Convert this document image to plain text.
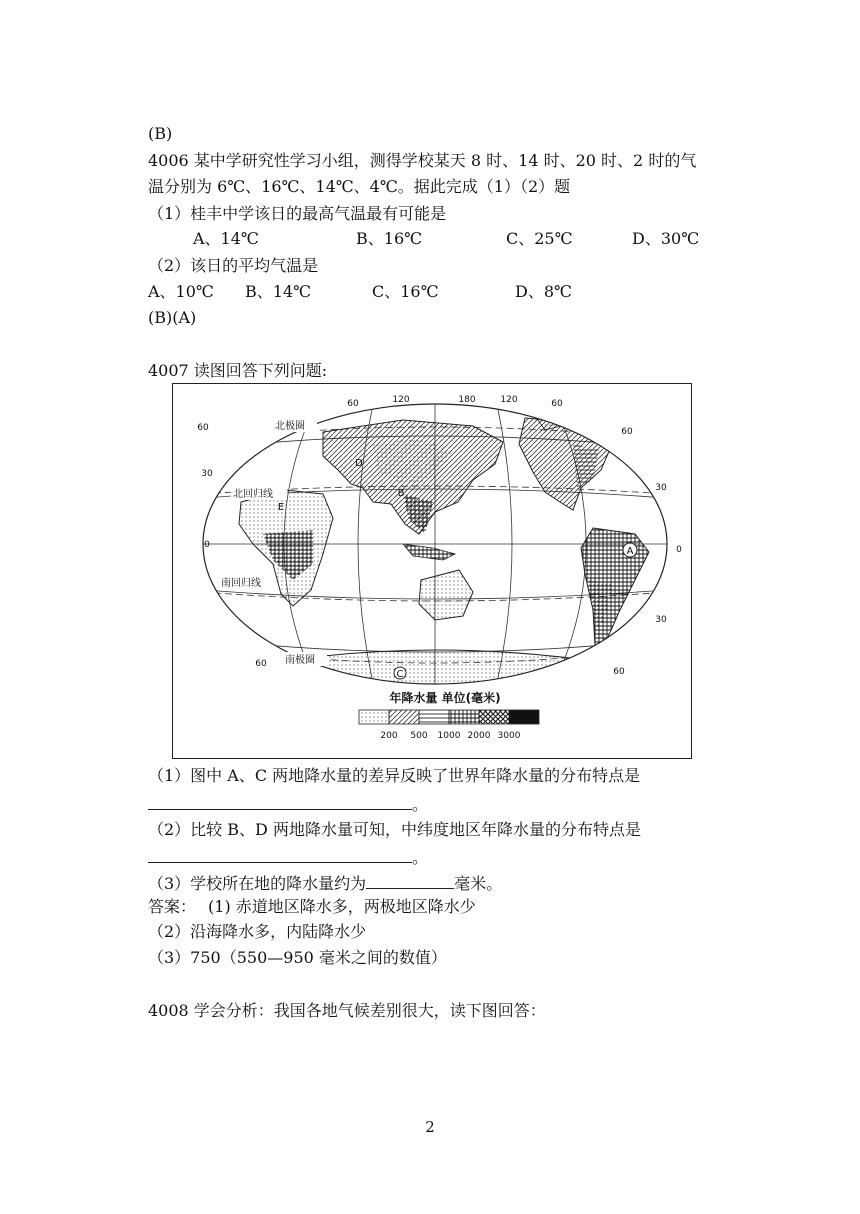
(B)
4006 某中学研究性学习小组，测得学校某天 8 时、14 时、20 时、2 时的气
温分别为 6℃、16℃、14℃、4℃。据此完成（1）（2）题
（1）桂丰中学该日的最高气温最有可能是
A、14℃	B、16℃	C、25℃	D、30℃
（2）该日的平均气温是
A、10℃ B、14℃	C、16℃	D、8℃
(B)(A)
4007 读图回答下列问题:
60	120	180	120	60
60
30
0
60
60
30
0
30
60
北极圈
北回归线
南回归线
南极圈
A
B
C
D
E
年降水量 单位(毫米)
200 500 1000 2000 3000
（1）图中 A、C 两地降水量的差异反映了世界年降水量的分布特点是
。
（2）比较 B、D 两地降水量可知，中纬度地区年降水量的分布特点是
。
（3）学校所在地的降水量约为	毫米。
答案： (1) 赤道地区降水多，两极地区降水少
（2）沿海降水多，内陆降水少
（3）750（550—950 毫米之间的数值）
4008 学会分析：我国各地气候差别很大，读下图回答：
2
